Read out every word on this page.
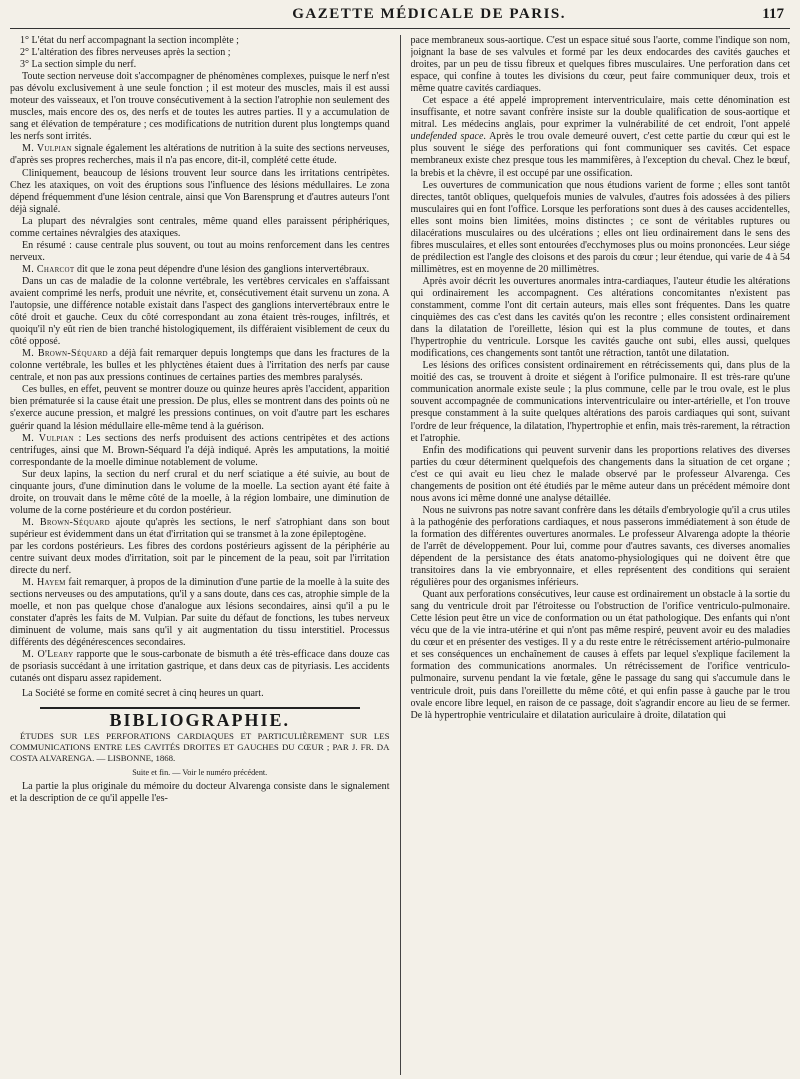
GAZETTE MÉDICALE DE PARIS.	117

1° L'état du nerf accompagnant la section incomplète ;

2° L'altération des fibres nerveuses après la section ;

3° La section simple du nerf.

Toute section nerveuse doit s'accompagner de phénomènes complexes, puisque le nerf n'est pas dévolu exclusivement à une seule fonction ; il est moteur des muscles, mais il est aussi moteur des vaisseaux, et l'on trouve consécutivement à la section l'atrophie non seulement des muscles, mais encore des os, des nerfs et de toutes les autres parties. Il y a accumulation de sang et élévation de température ; ces modifications de nutrition durent plus longtemps quand les nerfs sont irrités.

M. Vulpian signale également les altérations de nutrition à la suite des sections nerveuses, d'après ses propres recherches, mais il n'a pas encore, dit-il, complété cette étude.

Cliniquement, beaucoup de lésions trouvent leur source dans les irritations centripètes. Chez les ataxiques, on voit des éruptions sous l'influence des lésions médullaires. Le zona dépend fréquemment d'une lésion centrale, ainsi que Von Barensprung et d'autres auteurs l'ont déjà signalé.

La plupart des névralgies sont centrales, même quand elles paraissent périphériques, comme certaines névralgies des ataxiques.

En résumé : cause centrale plus souvent, ou tout au moins renforcement dans les centres nerveux.

M. Charcot dit que le zona peut dépendre d'une lésion des ganglions intervertébraux.

Dans un cas de maladie de la colonne vertébrale, les vertèbres cervicales en s'affaissant avaient comprimé les nerfs, produit une névrite, et, consécutivement était survenu un zona. A l'autopsie, une différence notable existait dans l'aspect des ganglions intervertébraux entre le côté droit et gauche. Ceux du côté correspondant au zona étaient très-rouges, infiltrés, et quoiqu'il n'y eût rien de bien tranché histologiquement, ils différaient visiblement de ceux du côté opposé.

M. Brown-Séquard a déjà fait remarquer depuis longtemps que dans les fractures de la colonne vertébrale, les bulles et les phlyctènes étaient dues à l'irritation des nerfs par cause centrale, et non pas aux pressions continues de certaines parties des membres paralysés.

Ces bulles, en effet, peuvent se montrer douze ou quinze heures après l'accident, apparition bien prématurée si la cause était une pression. De plus, elles se montrent dans des points où ne s'exerce aucune pression, et malgré les pressions continues, on voit d'autre part les eschares guérir quand la lésion médullaire elle-même tend à la guérison.

M. Vulpian : Les sections des nerfs produisent des actions centripètes et des actions centrifuges, ainsi que M. Brown-Séquard l'a déjà indiqué. Après les amputations, la moitié correspondante de la moelle diminue notablement de volume.

Sur deux lapins, la section du nerf crural et du nerf sciatique a été suivie, au bout de cinquante jours, d'une diminution dans le volume de la moelle. La section ayant été faite à droite, on trouvait dans le même côté de la moelle, à la région lombaire, une diminution de volume de la corne postérieure et du cordon postérieur.

M. Brown-Séquard ajoute qu'après les sections, le nerf s'atrophiant dans son bout supérieur est évidemment dans un état d'irritation qui se transmet à la zone épileptogène.

par les cordons postérieurs. Les fibres des cordons postérieurs agissent de la périphérie au centre suivant deux modes d'irritation, soit par le pincement de la peau, soit par l'irritation directe du nerf.

M. Hayem fait remarquer, à propos de la diminution d'une partie de la moelle à la suite des sections nerveuses ou des amputations, qu'il y a sans doute, dans ces cas, atrophie simple de la moelle, et non pas quelque chose d'analogue aux lésions secondaires, ainsi qu'il a pu le constater d'après les faits de M. Vulpian. Par suite du défaut de fonctions, les tubes nerveux diminuent de volume, mais sans qu'il y ait augmentation du tissu interstitiel. Processus différents des dégénérescences secondaires.

M. O'Leary rapporte que le sous-carbonate de bismuth a été très-efficace dans douze cas de psoriasis succédant à une irritation gastrique, et dans deux cas de pityriasis. Les accidents cutanés ont disparu assez rapidement.

La Société se forme en comité secret à cinq heures un quart.

BIBLIOGRAPHIE.

ÉTUDES SUR LES PERFORATIONS CARDIAQUES ET PARTICULIÈREMENT SUR LES COMMUNICATIONS ENTRE LES CAVITÉS DROITES ET GAUCHES DU CŒUR ; PAR J. FR. DA COSTA ALVARENGA. — LISBONNE, 1868.

Suite et fin. — Voir le numéro précédent.

La partie la plus originale du mémoire du docteur Alvarenga consiste dans le signalement et la description de ce qu'il appelle l'es-

pace membraneux sous-aortique. C'est un espace situé sous l'aorte, comme l'indique son nom, joignant la base de ses valvules et formé par les deux endocardes des cavités gauches et droites, par un peu de tissu fibreux et quelques fibres musculaires. Une perforation dans cet espace, qui confine à toutes les divisions du cœur, peut faire communiquer deux, trois et même quatre cavités cardiaques.

Cet espace a été appelé improprement interventriculaire, mais cette dénomination est insuffisante, et notre savant confrère insiste sur la double qualification de sous-aortique et mitral. Les médecins anglais, pour exprimer la vulnérabilité de cet endroit, l'ont appelé undefended space. Après le trou ovale demeuré ouvert, c'est cette partie du cœur qui est le plus souvent le siége des perforations qui font communiquer ses cavités. Cet espace membraneux existe chez presque tous les mammifères, à l'exception du cheval. Chez le bœuf, la brebis et la chèvre, il est occupé par une ossification.

Les ouvertures de communication que nous étudions varient de forme ; elles sont tantôt directes, tantôt obliques, quelquefois munies de valvules, d'autres fois adossées à des piliers musculaires qui en font l'office. Lorsque les perforations sont dues à des causes accidentelles, elles sont moins bien limitées, moins distinctes ; ce sont de véritables ruptures ou dilacérations musculaires ou des ulcérations ; elles ont lieu ordinairement dans le sens des fibres musculaires, et elles sont entourées d'ecchymoses plus ou moins prononcées. Leur siége de prédilection est l'angle des cloisons et des parois du cœur ; leur étendue, qui varie de 4 à 54 millimètres, est en moyenne de 20 millimètres.

Après avoir décrit les ouvertures anormales intra-cardiaques, l'auteur étudie les altérations qui ordinairement les accompagnent. Ces altérations concomitantes n'existent pas constamment, comme l'ont dit certain auteurs, mais elles sont fréquentes. Dans les quatre cinquièmes des cas c'est dans les cavités qu'on les recontre ; elles consistent ordinairement dans la dilatation de l'oreillette, lésion qui est la plus commune de toutes, et dans l'hypertrophie du ventricule. Lorsque les cavités gauche ont subi, elles aussi, quelques modifications, ces changements sont tantôt une rétraction, tantôt une dilatation.

Les lésions des orifices consistent ordinairement en rétrécissements qui, dans plus de la moitié des cas, se trouvent à droite et siégent à l'orifice pulmonaire. Il est très-rare qu'une communication anormale existe seule ; la plus commune, celle par le trou ovale, est le plus souvent accompagnée de communications interventriculaire ou inter-artérielle, et l'on trouve presque constamment à la suite quelques altérations des parois cardiaques qui sont, suivant l'ordre de leur fréquence, la dilatation, l'hypertrophie et enfin, mais très-rarement, la rétraction et l'atrophie.

Enfin des modifications qui peuvent survenir dans les proportions relatives des diverses parties du cœur déterminent quelquefois des changements dans la situation de cet organe ; c'est ce qui avait eu lieu chez le malade observé par le professeur Alvarenga. Ces changements de position ont été étudiés par le même auteur dans un précédent mémoire dont nous avons ici même donné une analyse détaillée.

Nous ne suivrons pas notre savant confrère dans les détails d'embryologie qu'il a crus utiles à la pathogénie des perforations cardiaques, et nous passerons immédiatement à son étude de la formation des différentes ouvertures anormales. Le professeur Alvarenga adopte la théorie de l'arrêt de développement. Pour lui, comme pour d'autres savants, ces diverses anomalies dépendent de la persistance des états anatomo-physiologiques qui ne doivent être que transitoires dans la vie embryonnaire, et elles représentent des conditions qui seraient régulières pour des organismes inférieurs.

Quant aux perforations consécutives, leur cause est ordinairement un obstacle à la sortie du sang du ventricule droit par l'étroitesse ou l'obstruction de l'orifice ventriculo-pulmonaire. Cette lésion peut être un vice de conformation ou un état pathologique. Des enfants qui n'ont vécu que de la vie intra-utérine et qui n'ont pas même respiré, peuvent avoir eu des maladies du cœur et en présenter des vestiges. Il y a du reste entre le rétrécissement artério-pulmonaire et ses conséquences un enchaînement de causes à effets par lequel s'explique facilement la formation des communications anormales. Un rétrécissement de l'orifice ventriculo-pulmonaire, survenu pendant la vie fœtale, gêne le passage du sang qui s'accumule dans le ventricule droit, puis dans l'oreillette du même côté, et qui enfin passe à gauche par le trou ovale encore libre lequel, en raison de ce passage, doit s'agrandir encore au lieu de se fermer. De là hypertrophie ventriculaire et dilatation auriculaire à droite, dilatation qui
